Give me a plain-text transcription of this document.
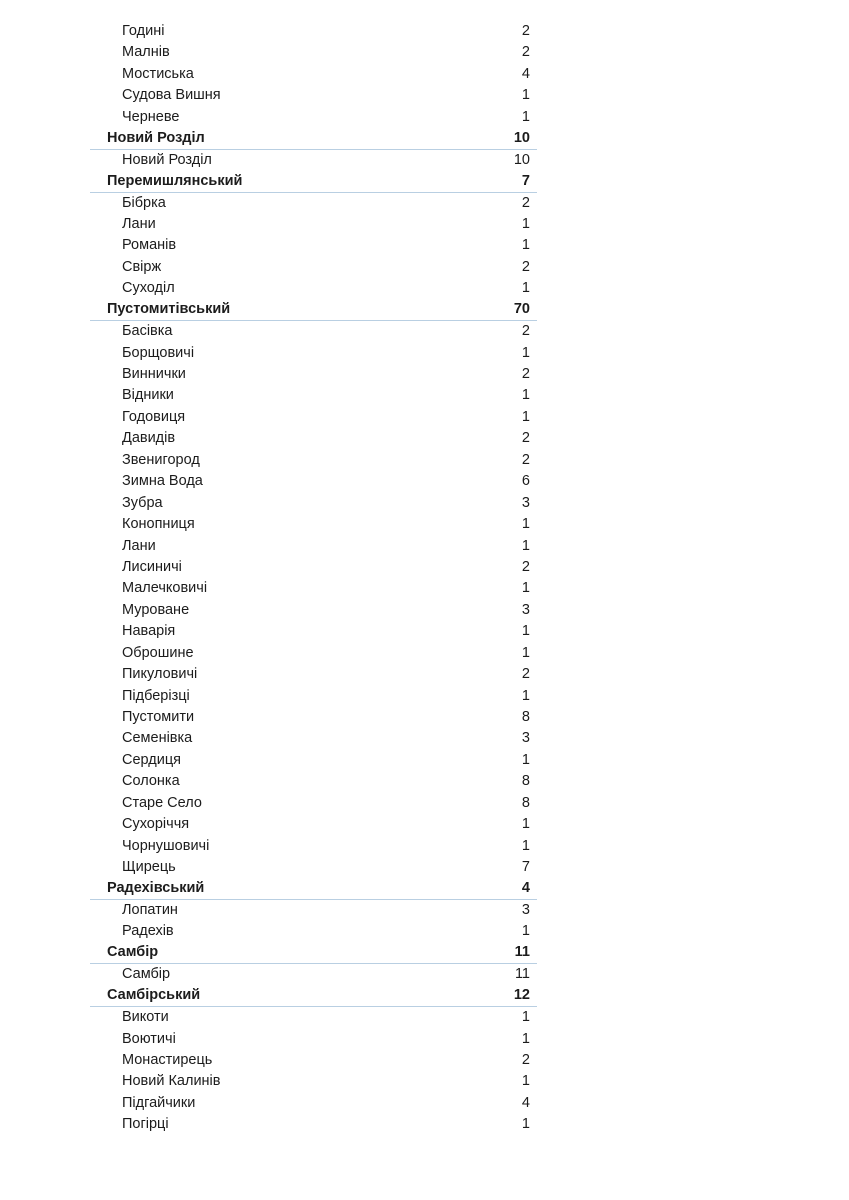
Годині	2
Малнів	2
Мостиська	4
Судова Вишня	1
Черневе	1
Новий Розділ	10
Новий Розділ	10
Перемишлянський	7
Бібрка	2
Лани	1
Романів	1
Свірж	2
Суходіл	1
Пустомитівський	70
Басівка	2
Борщовичі	1
Виннички	2
Відники	1
Годовиця	1
Давидів	2
Звенигород	2
Зимна Вода	6
Зубра	3
Конопниця	1
Лани	1
Лисиничі	2
Малечковичі	1
Муроване	3
Наварія	1
Оброшине	1
Пикуловичі	2
Підберізці	1
Пустомити	8
Семенівка	3
Сердиця	1
Солонка	8
Старе Село	8
Сухоріччя	1
Чорнушовичі	1
Щирець	7
Радехівський	4
Лопатин	3
Радехів	1
Самбір	11
Самбір	11
Самбірський	12
Викоти	1
Воютичі	1
Монастирець	2
Новий Калинів	1
Підгайчики	4
Погірці	1
